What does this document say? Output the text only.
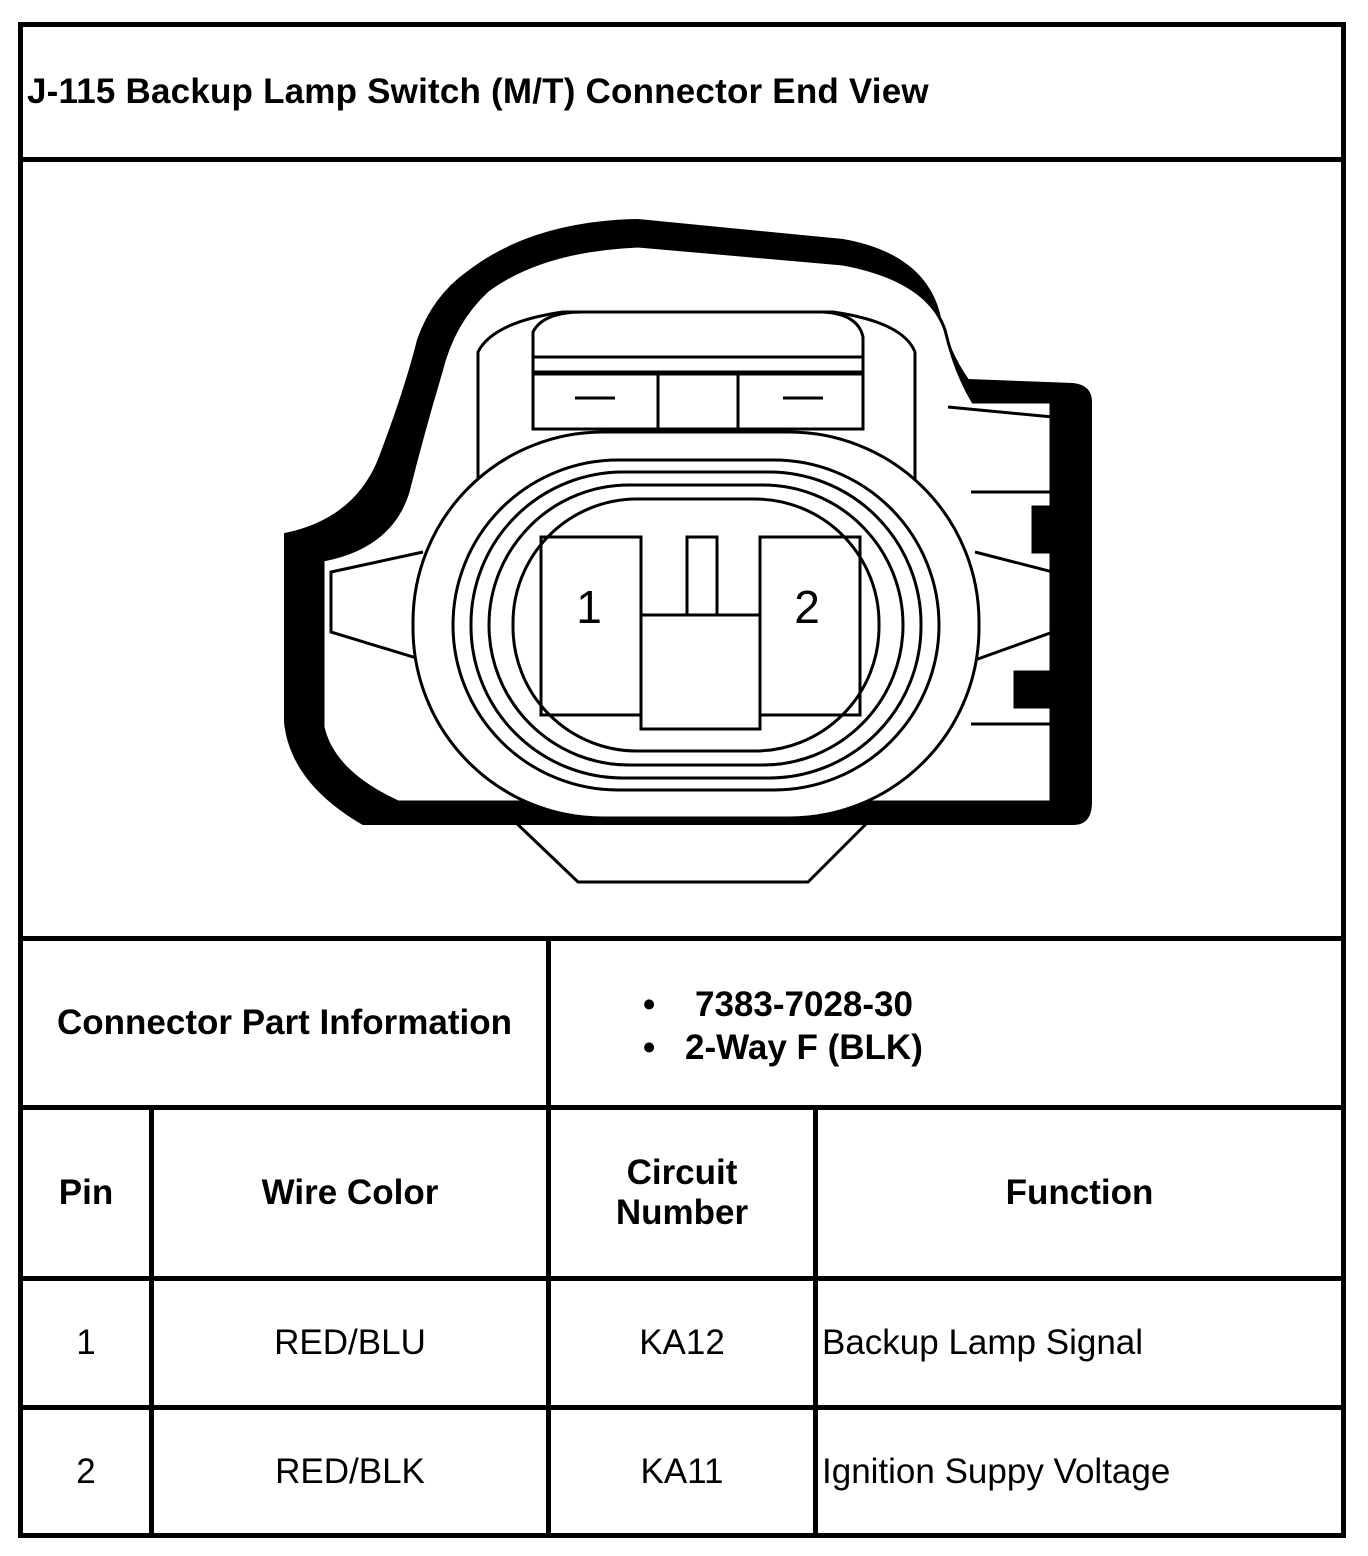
J-115 Backup Lamp Switch (M/T) Connector End View
1	2
Connector Part Information
•	7383-7028-30
• 2-Way F (BLK)
Pin	Wire Color
Circuit
Number
Function
1	RED/BLU	KA12	Backup Lamp Signal
2	RED/BLK	KA11	Ignition Suppy Voltage
